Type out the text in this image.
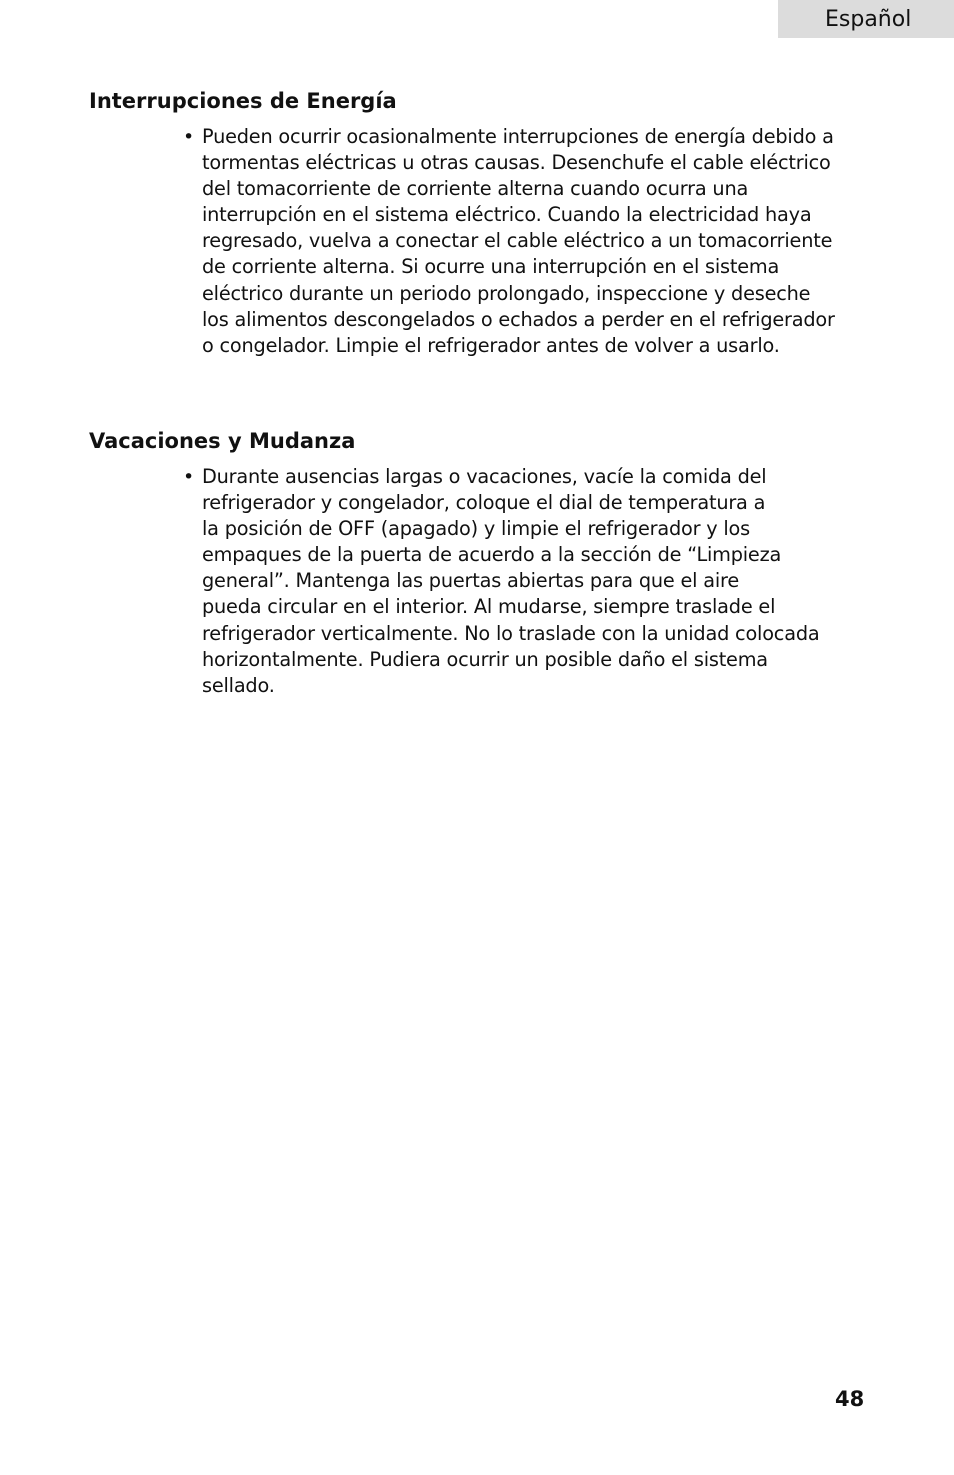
Español
Interrupciones de Energía
• Pueden ocurrir ocasionalmente interrupciones de energía debido a
tormentas eléctricas u otras causas. Desenchufe el cable eléctrico
del tomacorriente de corriente alterna cuando ocurra una
interrupción en el sistema eléctrico. Cuando la electricidad haya
regresado, vuelva a conectar el cable eléctrico a un tomacorriente
de corriente alterna. Si ocurre una interrupción en el sistema
eléctrico durante un periodo prolongado, inspeccione y deseche
los alimentos descongelados o echados a perder en el refrigerador
o congelador. Limpie el refrigerador antes de volver a usarlo.
Vacaciones y Mudanza
• Durante ausencias largas o vacaciones, vacíe la comida del
refrigerador y congelador, coloque el dial de temperatura a
la posición de OFF (apagado) y limpie el refrigerador y los
empaques de la puerta de acuerdo a la sección de “Limpieza
general”. Mantenga las puertas abiertas para que el aire
pueda circular en el interior. Al mudarse, siempre traslade el
refrigerador verticalmente. No lo traslade con la unidad colocada
horizontalmente. Pudiera ocurrir un posible daño el sistema
sellado.
48
